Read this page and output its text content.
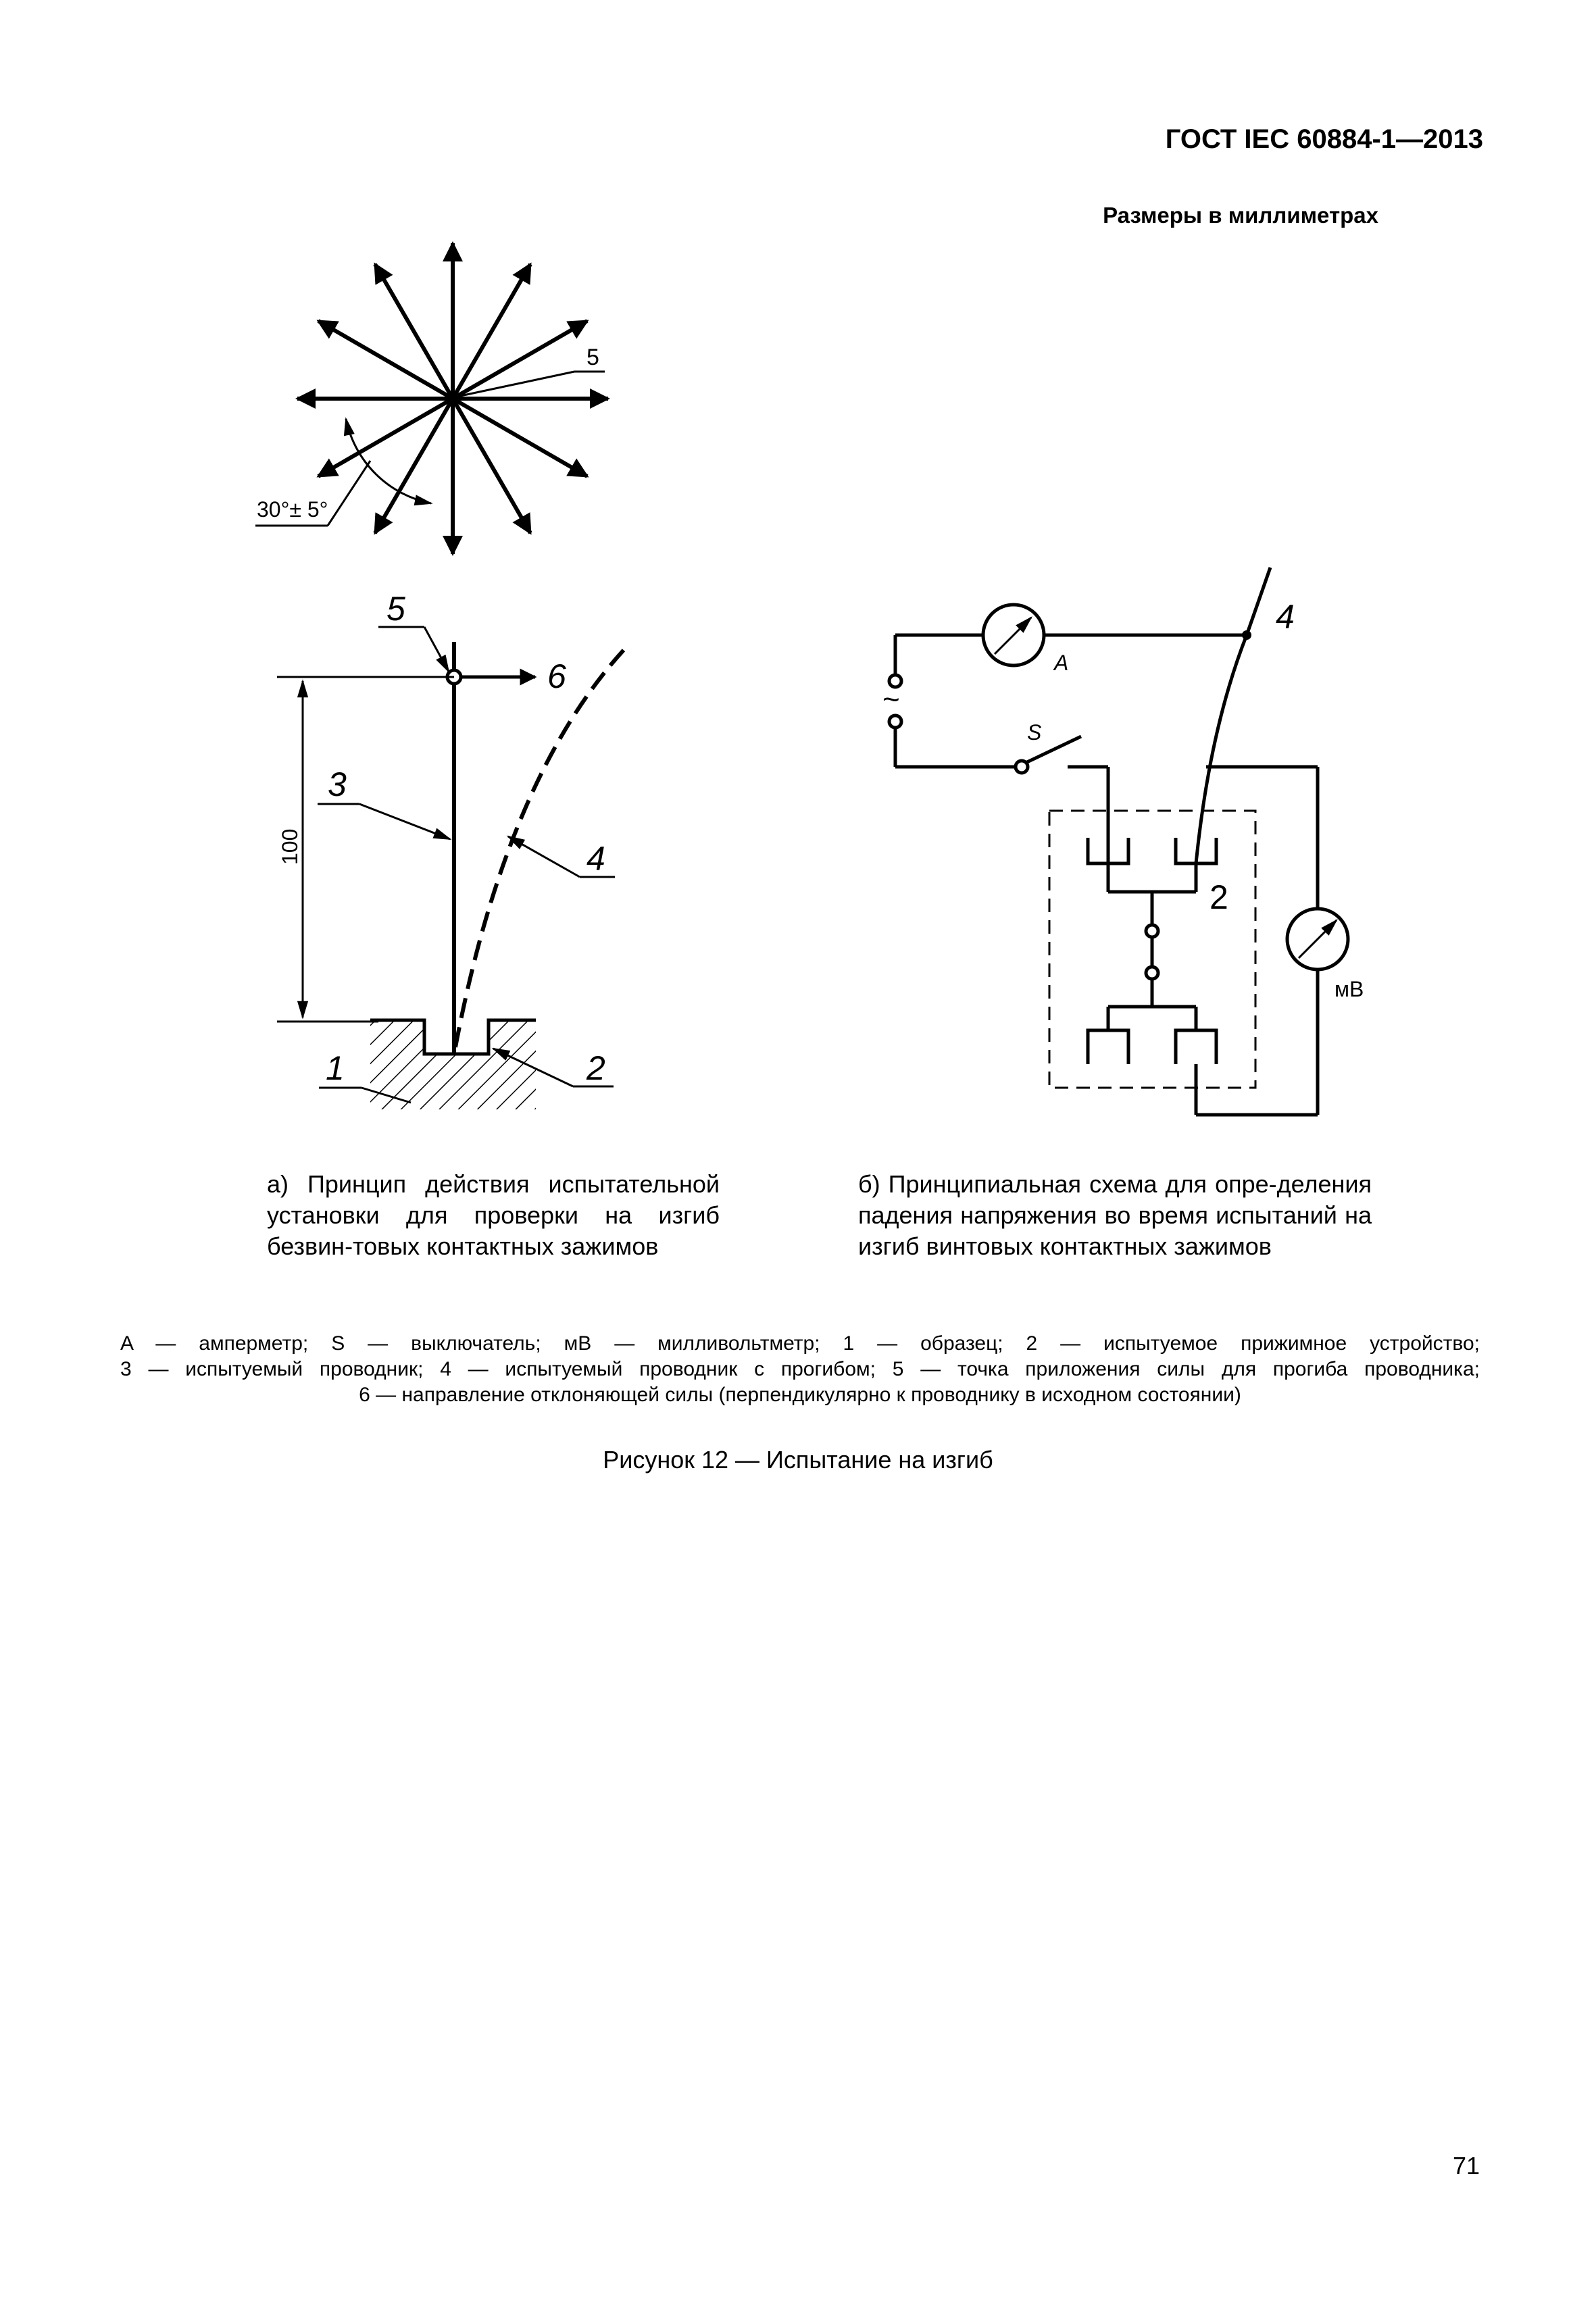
ГОСТ IEC 60884-1—2013
Размеры в миллиметрах
5
30°± 5°
100
5
6
3
4
1	2
A
S
~
4
2
мВ
а) Принцип действия испытательной установки для проверки на изгиб безвин-товых контактных зажимов
б) Принципиальная схема для опре-деления падения напряжения во время испытаний на изгиб винтовых контактных зажимов
A — амперметр; S — выключатель; мВ — милливольтметр; 1 — образец; 2 — испытуемое прижимное устройство;
3 — испытуемый проводник; 4 — испытуемый проводник с прогибом; 5 — точка приложения силы для прогиба проводника;
6 — направление отклоняющей силы (перпендикулярно к проводнику в исходном состоянии)
Рисунок 12 — Испытание на изгиб
71
